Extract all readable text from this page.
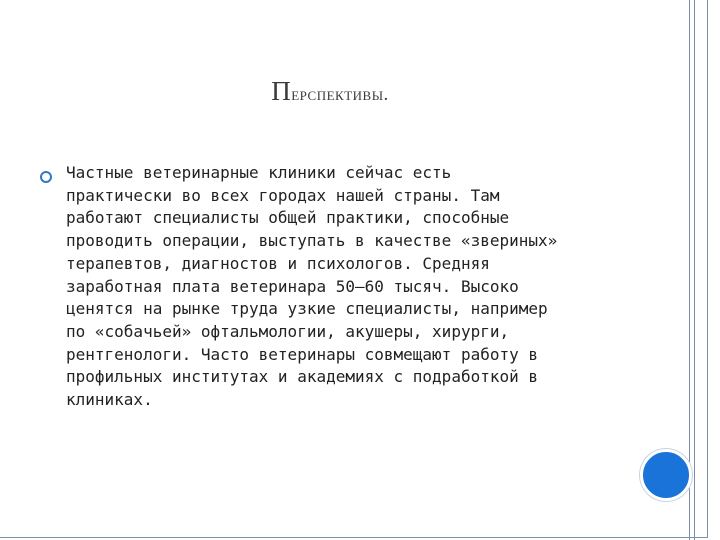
Перспективы.

Частные ветеринарные клиники сейчас есть
практически во всех городах нашей страны. Там
работают специалисты общей практики, способные
проводить операции, выступать в качестве «звериных»
терапевтов, диагностов и психологов. Средняя
заработная плата ветеринара 50–60 тысяч. Высоко
ценятся на рынке труда узкие специалисты, например
по «собачьей» офтальмологии, акушеры, хирурги,
рентгенологи. Часто ветеринары совмещают работу в
профильных институтах и академиях с подработкой в
клиниках.
